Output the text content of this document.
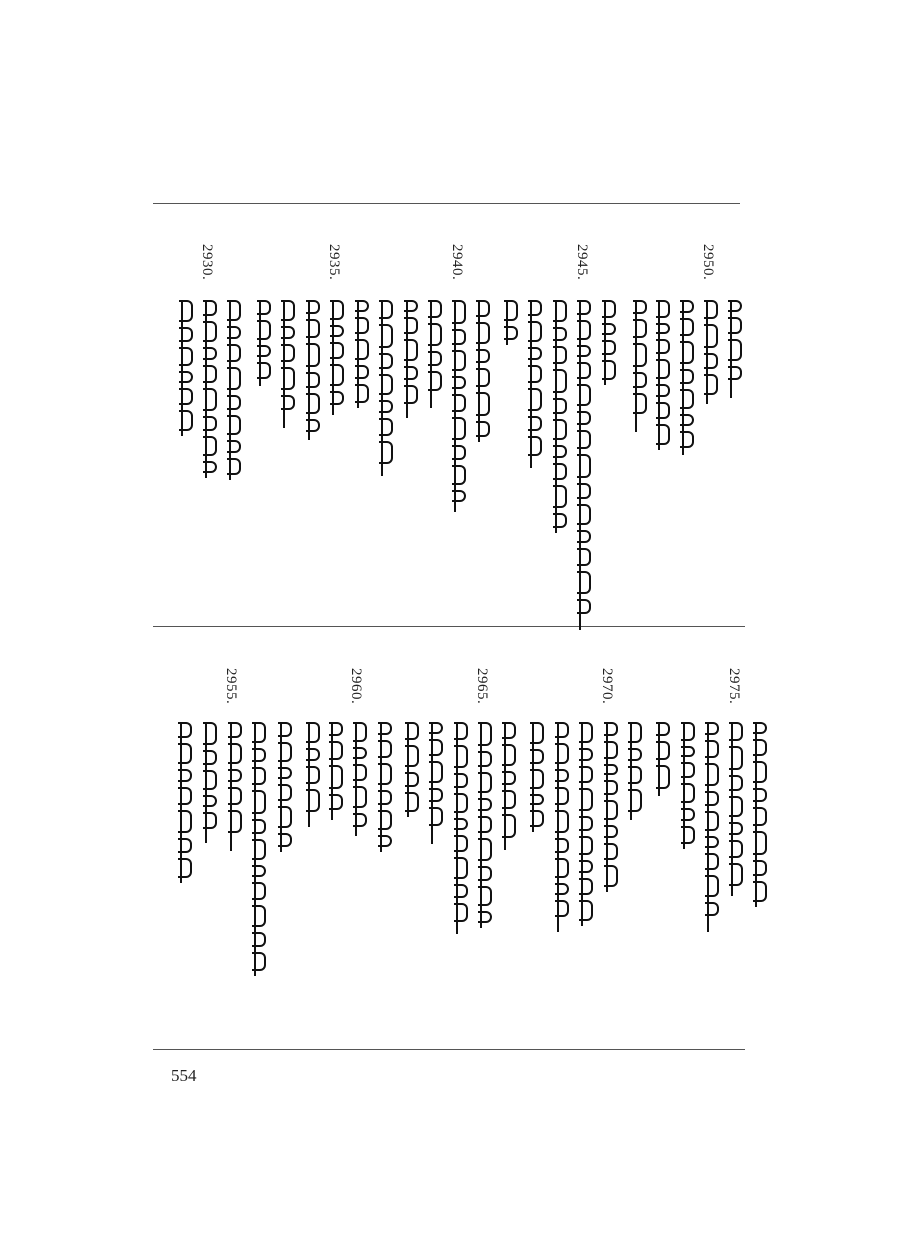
2950.
2945.
2940.
2935.
2930.
2975.
2970.
2965.
2960.
2955.
554
